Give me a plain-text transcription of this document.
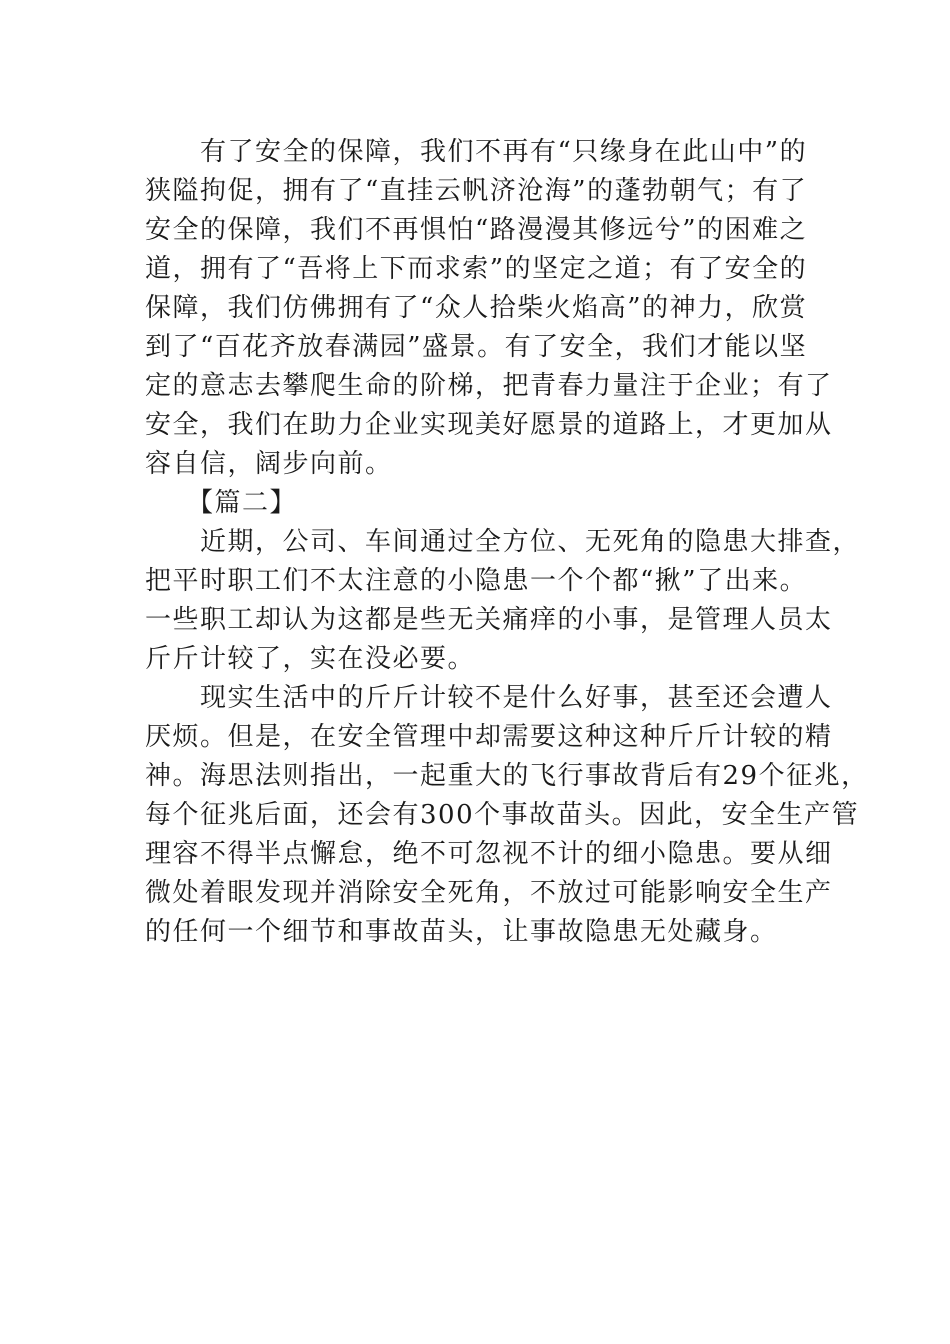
　　有了安全的保障，我们不再有“只缘身在此山中”的
狭隘拘促，拥有了“直挂云帆济沧海”的蓬勃朝气；有了
安全的保障，我们不再惧怕“路漫漫其修远兮”的困难之
道，拥有了“吾将上下而求索”的坚定之道；有了安全的
保障，我们仿佛拥有了“众人拾柴火焰高”的神力，欣赏
到了“百花齐放春满园”盛景。有了安全，我们才能以坚
定的意志去攀爬生命的阶梯，把青春力量注于企业；有了
安全，我们在助力企业实现美好愿景的道路上，才更加从
容自信，阔步向前。
　　【篇二】
　　近期，公司、车间通过全方位、无死角的隐患大排查，
把平时职工们不太注意的小隐患一个个都“揪”了出来。
一些职工却认为这都是些无关痛痒的小事，是管理人员太
斤斤计较了，实在没必要。
　　现实生活中的斤斤计较不是什么好事，甚至还会遭人
厌烦。但是，在安全管理中却需要这种这种斤斤计较的精
神。海思法则指出，一起重大的飞行事故背后有29个征兆，
每个征兆后面，还会有300个事故苗头。因此，安全生产管
理容不得半点懈怠，绝不可忽视不计的细小隐患。要从细
微处着眼发现并消除安全死角，不放过可能影响安全生产
的任何一个细节和事故苗头，让事故隐患无处藏身。
